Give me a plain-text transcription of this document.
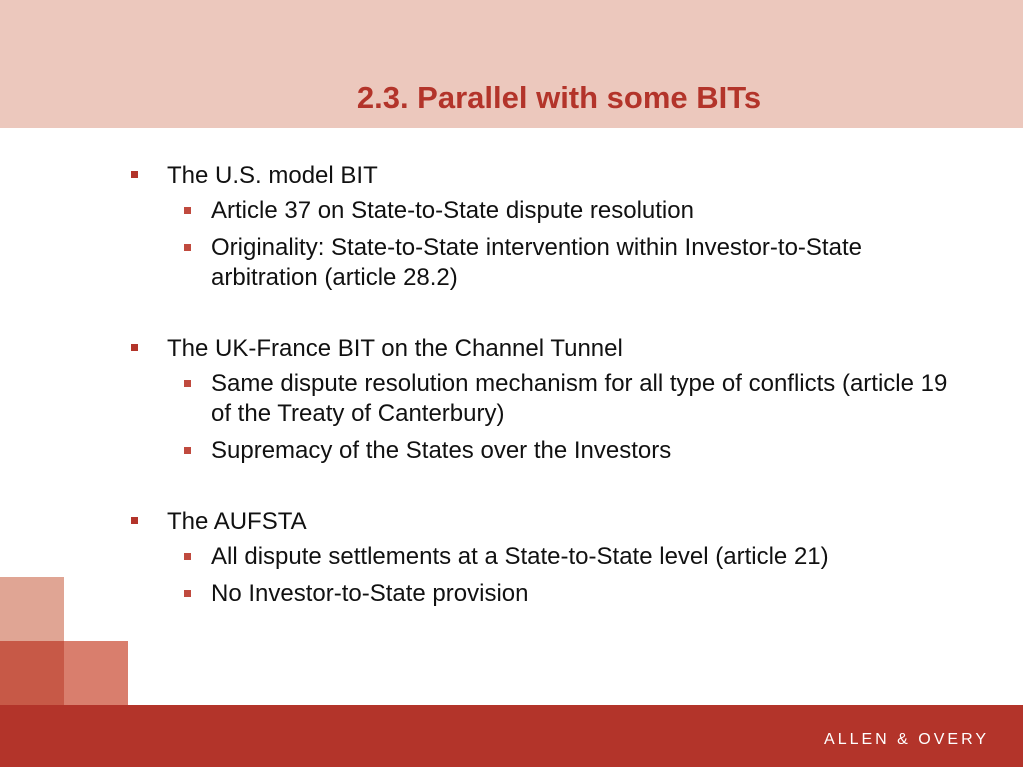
2.3. Parallel with some BITs
The U.S. model BIT
Article 37 on State-to-State dispute resolution
Originality: State-to-State intervention within Investor-to-State arbitration (article 28.2)
The UK-France BIT on the Channel Tunnel
Same dispute resolution mechanism for all type of conflicts (article 19 of the Treaty of Canterbury)
Supremacy of the States over the Investors
The AUFSTA
All dispute settlements at a State-to-State level (article 21)
No Investor-to-State provision
ALLEN & OVERY
